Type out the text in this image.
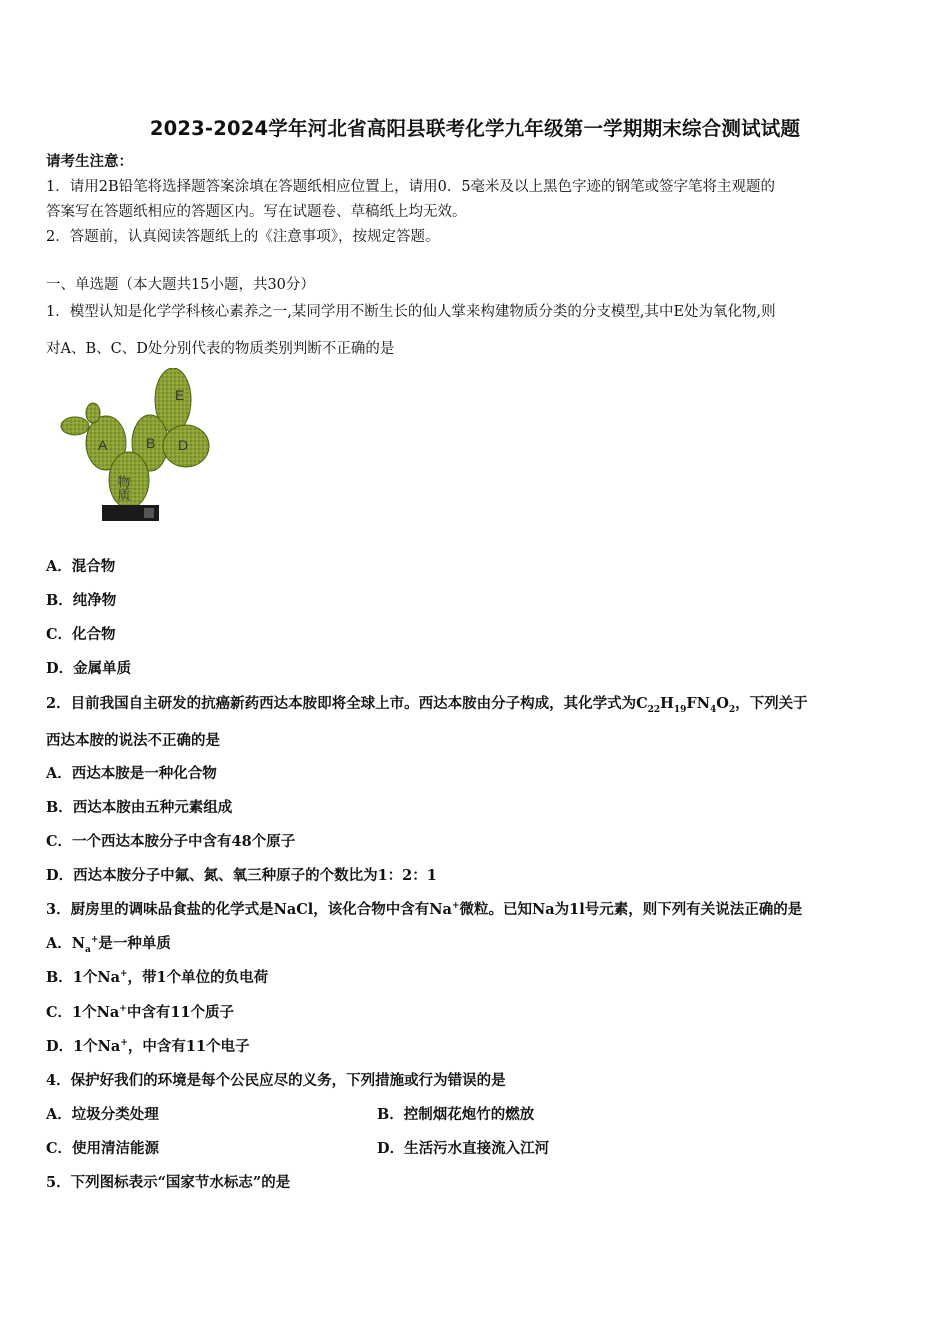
2023-2024学年河北省高阳县联考化学九年级第一学期期末综合测试试题
请考生注意：
1．请用2B铅笔将选择题答案涂填在答题纸相应位置上，请用0．5毫米及以上黑色字迹的钢笔或签字笔将主观题的
答案写在答题纸相应的答题区内。写在试题卷、草稿纸上均无效。
2．答题前，认真阅读答题纸上的《注意事项》，按规定答题。
一、单选题（本大题共15小题，共30分）
1．模型认知是化学学科核心素养之一,某同学用不断生长的仙人掌来构建物质分类的分支模型,其中E处为氧化物,则
对A、B、C、D处分别代表的物质类别判断不正确的是
E
A	B D
物质
A．混合物
B．纯净物
C．化合物
D．金属单质
2．目前我国自主研发的抗癌新药西达本胺即将全球上市。西达本胺由分子构成，其化学式为$C_{22}H_{19}FN_4O_2$，下列关于
西达本胺的说法不正确的是
A．西达本胺是一种化合物
B．西达本胺由五种元素组成
C．一个西达本胺分子中含有48个原子
D．西达本胺分子中氟、氮、氧三种原子的个数比为1：2：1
3．厨房里的调味品食盐的化学式是NaCl，该化合物中含有Na+微粒。已知Na为1l号元素，则下列有关说法正确的是
A．$N_a^+$是一种单质
B．1个Na+，带1个单位的负电荷
C．1个Na+中含有11个质子
D．1个Na+，中含有11个电子
4．保护好我们的环境是每个公民应尽的义务，下列措施或行为错误的是
A．垃圾分类处理	B．控制烟花炮竹的燃放
C．使用清洁能源	D．生活污水直接流入江河
5．下列图标表示“国家节水标志”的是
